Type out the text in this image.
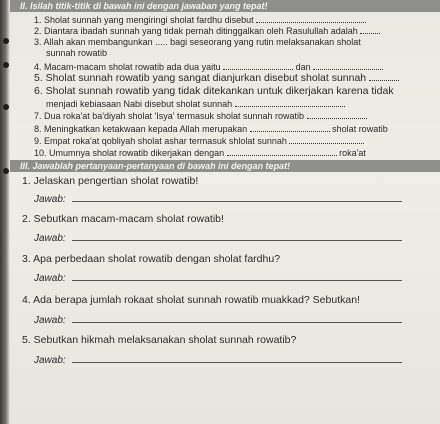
II. Isilah titik-titik di bawah ini dengan jawaban yang tepat!
1. Sholat sunnah yang mengiringi sholat fardhu disebut
2. Diantara ibadah sunnah yang tidak pernah ditinggalkan oleh Rasulullah adalah
3. Allah akan membangunkan ..... bagi seseorang yang rutin melaksanakan sholat
sunnah rowatib
4. Macam-macam sholat rowatib ada dua yaitu	dan
5. Sholat sunnah rowatib yang sangat dianjurkan disebut sholat sunnah
6. Sholat sunnah rowatib yang tidak ditekankan untuk dikerjakan karena tidak
menjadi kebiasaan Nabi disebut sholat sunnah
7. Dua roka'at ba'diyah sholat 'Isya' termasuk sholat sunnah rowatib
8. Meningkatkan ketakwaan kepada Allah merupakan	sholat rowatib
9. Empat roka'at qobliyah sholat ashar termasuk shlolat sunnah
10. Umumnya sholat rowatib dikerjakan dengan	roka'at
III. Jawablah pertanyaan-pertanyaan di bawah ini dengan tepat!
1. Jelaskan pengertian sholat rowatib!
Jawab:
2. Sebutkan macam-macam sholat rowatib!
Jawab:
3. Apa perbedaan sholat rowatib dengan sholat fardhu?
Jawab:
4. Ada berapa jumlah rokaat sholat sunnah rowatib muakkad? Sebutkan!
Jawab:
5. Sebutkan hikmah melaksanakan sholat sunnah rowatib?
Jawab:
